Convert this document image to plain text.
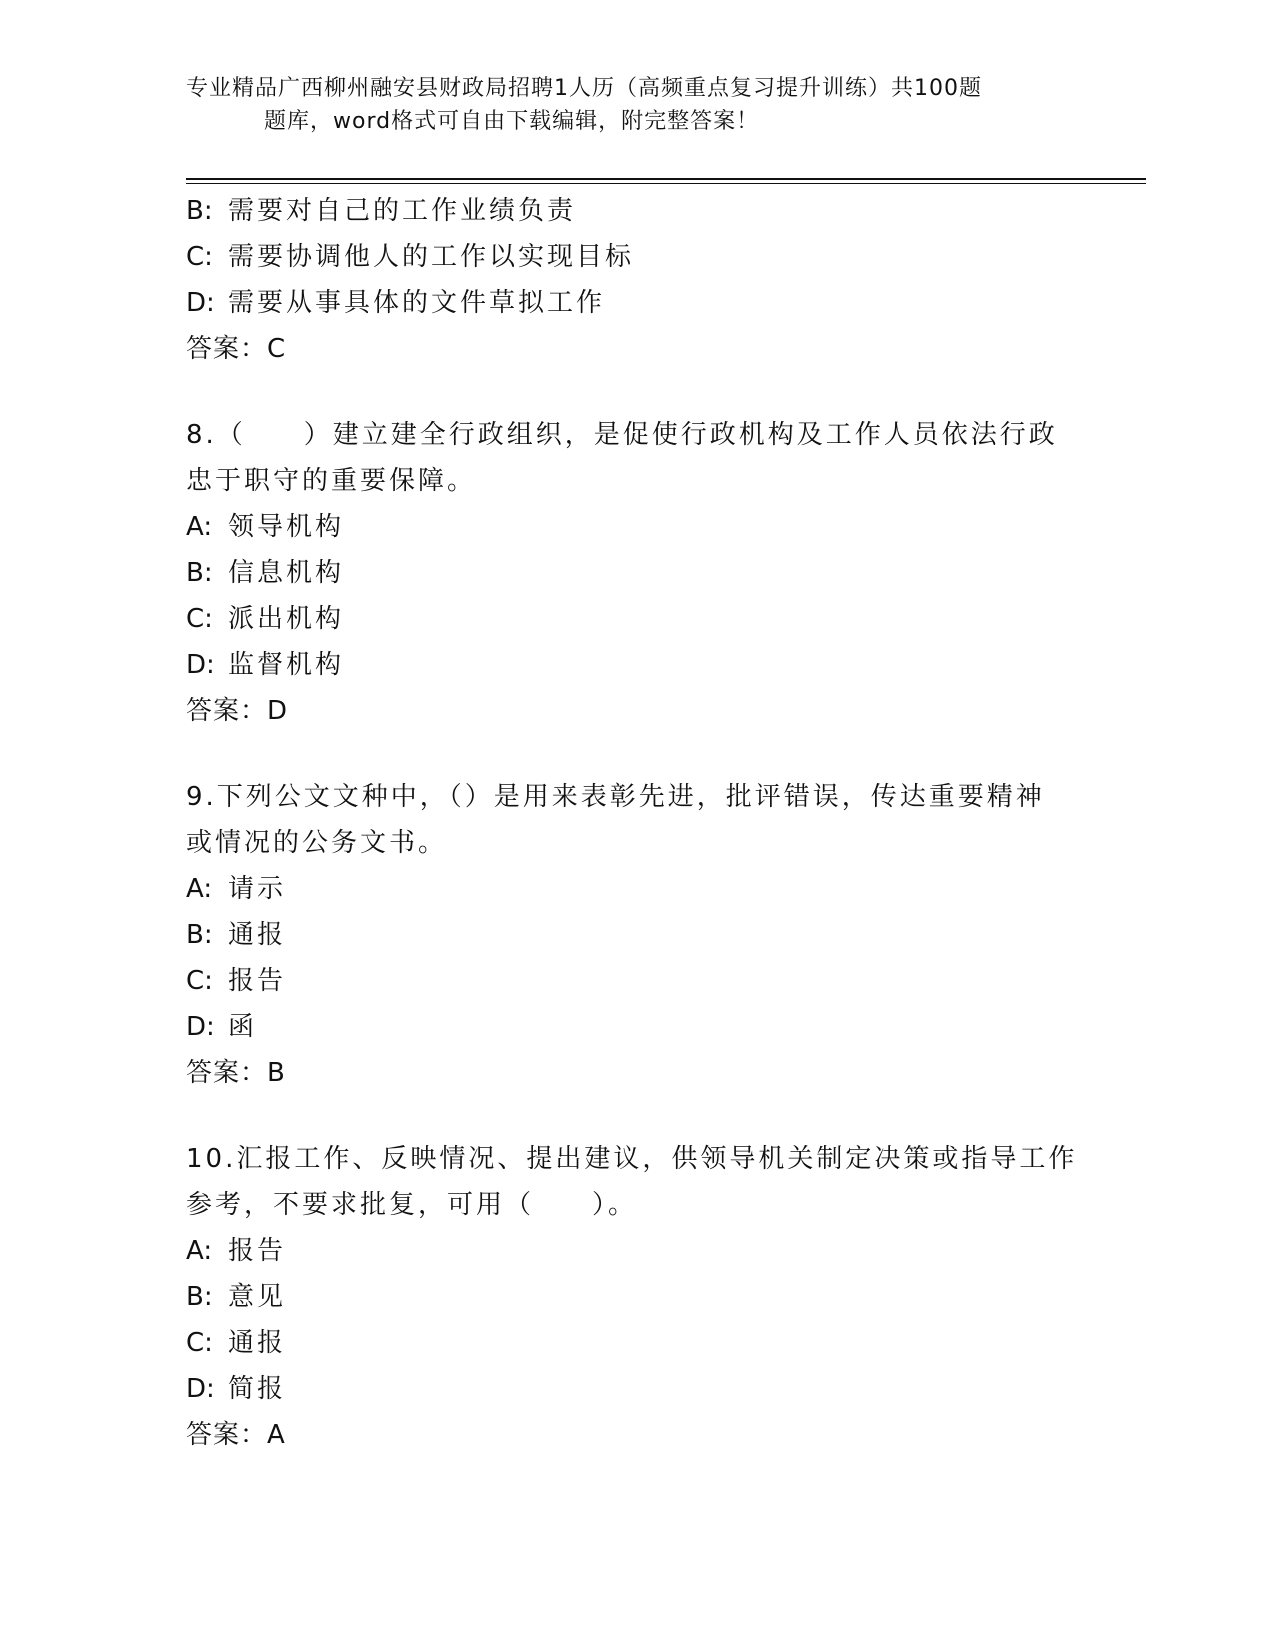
专业精品广西柳州融安县财政局招聘1人历（高频重点复习提升训练）共100题
题库，word格式可自由下载编辑，附完整答案！
B: 需要对自己的工作业绩负责
C: 需要协调他人的工作以实现目标
D: 需要从事具体的文件草拟工作
答案：C
8.（　　）建立建全行政组织，是促使行政机构及工作人员依法行政
忠于职守的重要保障。
A: 领导机构
B: 信息机构
C: 派出机构
D: 监督机构
答案：D
9.下列公文文种中，（）是用来表彰先进，批评错误，传达重要精神
或情况的公务文书。
A: 请示
B: 通报
C: 报告
D: 函
答案：B
10.汇报工作、反映情况、提出建议，供领导机关制定决策或指导工作
参考，不要求批复，可用（　　）。
A: 报告
B: 意见
C: 通报
D: 简报
答案：A
